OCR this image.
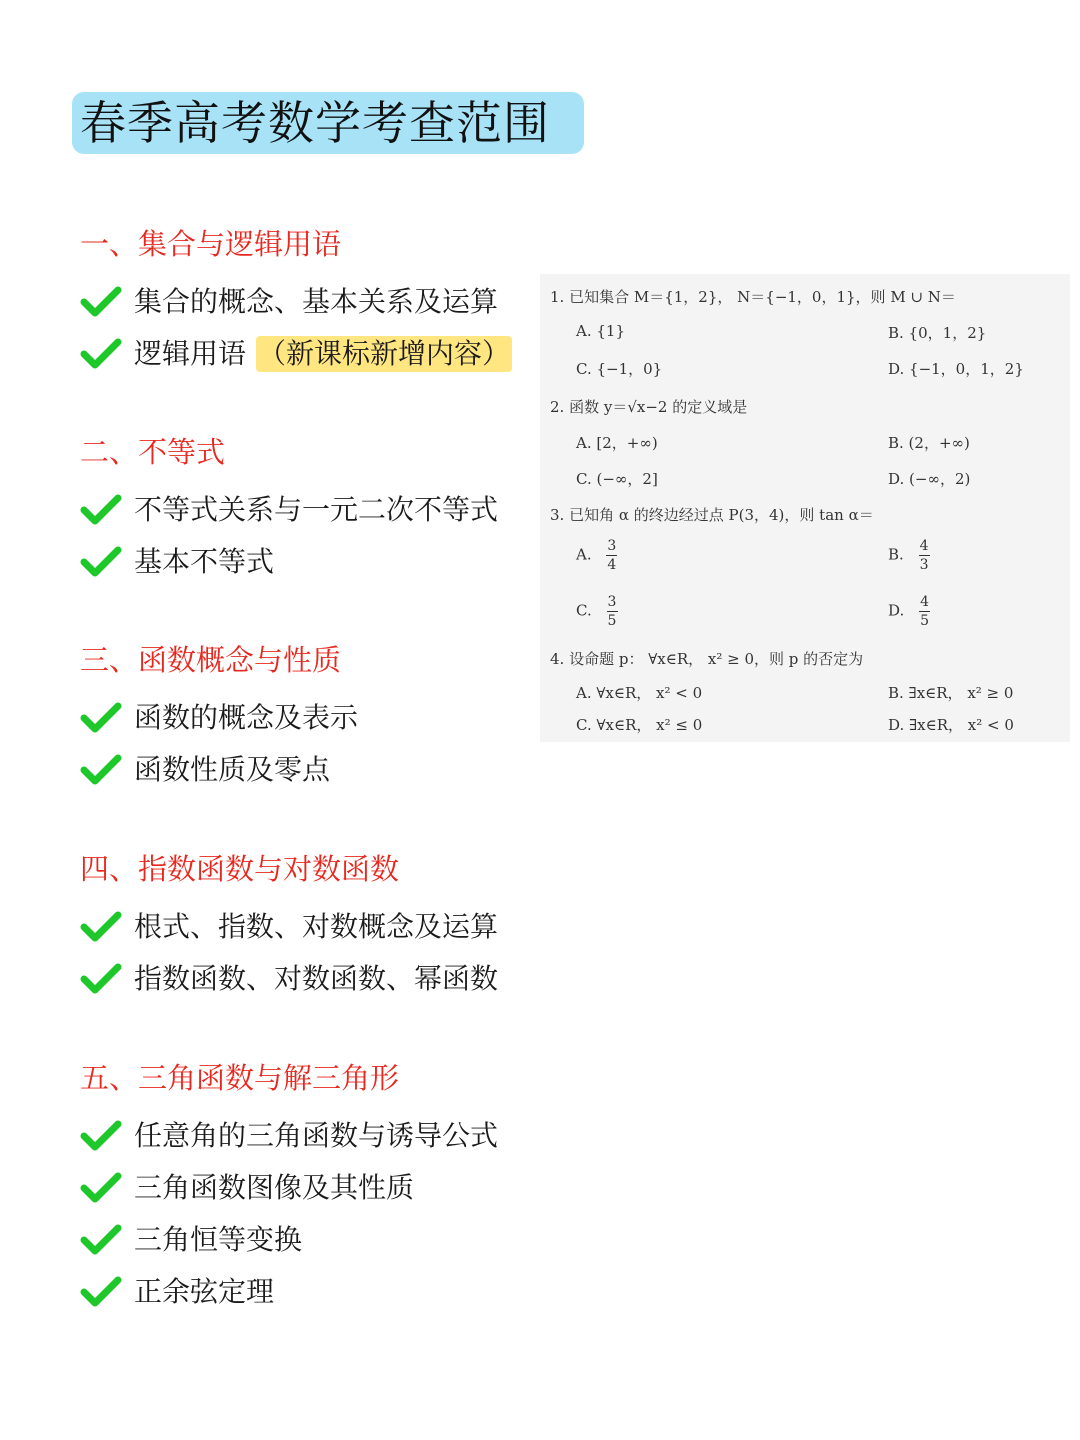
春季高考数学考查范围
一、集合与逻辑用语
集合的概念、基本关系及运算
逻辑用语 （新课标新增内容）
二、不等式
不等式关系与一元二次不等式
基本不等式
三、函数概念与性质
函数的概念及表示
函数性质及零点
四、指数函数与对数函数
根式、指数、对数概念及运算
指数函数、对数函数、幂函数
五、三角函数与解三角形
任意角的三角函数与诱导公式
三角函数图像及其性质
三角恒等变换
正余弦定理
1. 已知集合 M＝{1，2}， N＝{−1，0，1}，则 M ∪ N＝
A. {1}	B. {0，1，2}
C. {−1，0}	D. {−1，0，1，2}
2. 函数 y＝√x−2 的定义域是
A. [2，+∞)	B. (2，+∞)
C. (−∞，2]	D. (−∞，2)
3. 已知角 α 的终边经过点 P(3，4)，则 tan α＝
A. $\frac{3}{4}$	B. $\frac{4}{3}$
C. $\frac{3}{5}$	D. $\frac{4}{5}$
4. 设命题 p： ∀x∈R， x² ≥ 0，则 p 的否定为
A. ∀x∈R， x² < 0	B. ∃x∈R， x² ≥ 0
C. ∀x∈R， x² ≤ 0	D. ∃x∈R， x² < 0
